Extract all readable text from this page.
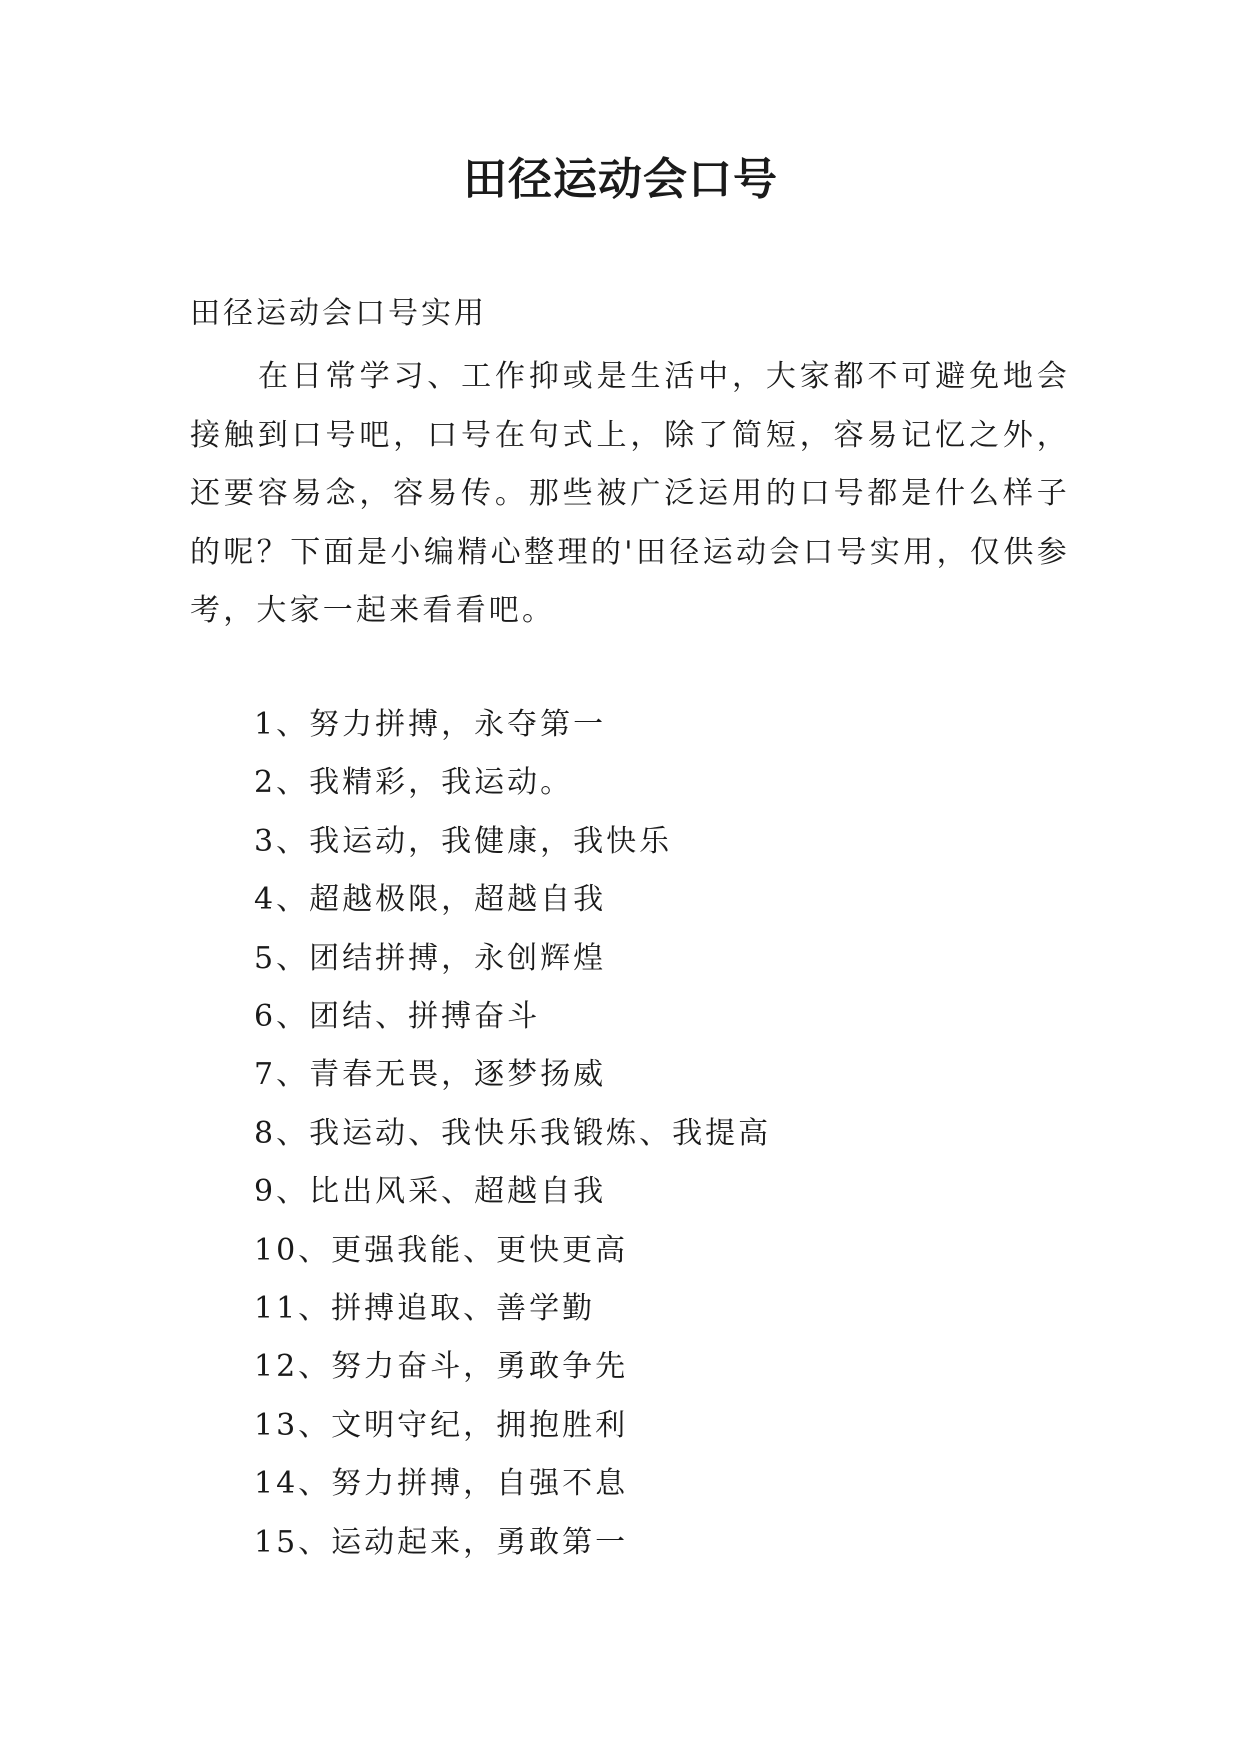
田径运动会口号

田径运动会口号实用

在日常学习、工作抑或是生活中，大家都不可避免地会接触到口号吧，口号在句式上，除了简短，容易记忆之外，还要容易念，容易传。那些被广泛运用的口号都是什么样子的呢？下面是小编精心整理的'田径运动会口号实用，仅供参考，大家一起来看看吧。

1、努力拼搏，永夺第一
2、我精彩，我运动。
3、我运动，我健康，我快乐
4、超越极限，超越自我
5、团结拼搏，永创辉煌
6、团结、拼搏奋斗
7、青春无畏，逐梦扬威
8、我运动、我快乐我锻炼、我提高
9、比出风采、超越自我
10、更强我能、更快更高
11、拼搏追取、善学勤
12、努力奋斗，勇敢争先
13、文明守纪，拥抱胜利
14、努力拼搏，自强不息
15、运动起来，勇敢第一
